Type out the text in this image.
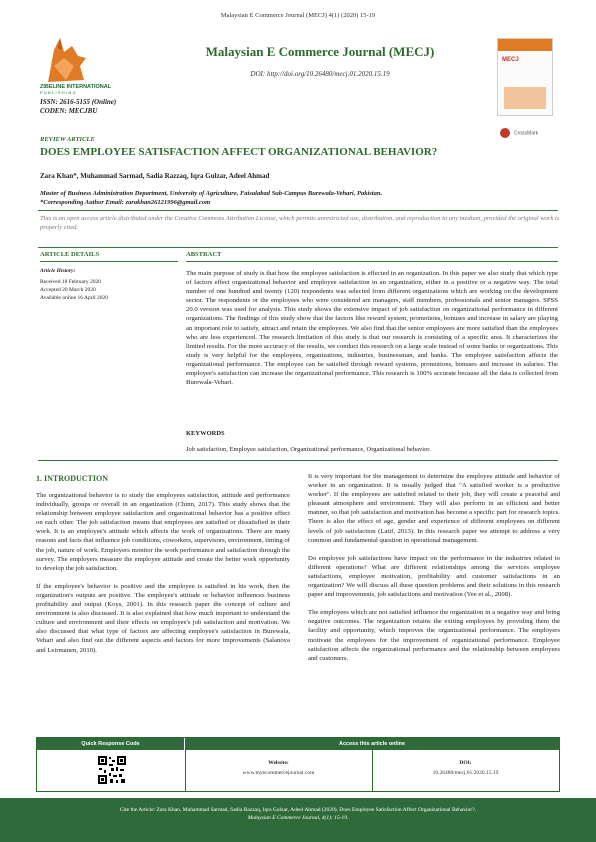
Malaysian E Commerce Journal (MECJ) 4(1) (2020) 15-19
ZIBELINE INTERNATIONAL
PUBLISHING
ISSN: 2616-5155 (Online)
CODEN: MECJBU
Malaysian E Commerce Journal (MECJ)
DOI: http://doi.org/10.26480/mecj.01.2020.15.19
MECJ
CrossMark
REVIEW ARTICLE
DOES EMPLOYEE SATISFACTION AFFECT ORGANIZATIONAL BEHAVIOR?
Zara Khan*, Muhammad Sarmad, Sadia Razzaq, Iqra Gulzar, Adeel Ahmad
Master of Business Administration Department, University of Agriculture, Faisalabad Sub-Campus Burewala-Vehari, Pakistan.
*Corresponding Author Email: zarakhan26121996@gmail.com
This is an open access article distributed under the Creative Commons Attribution License, which permits unrestricted use, distribution, and reproduction in any medium, provided the original work is properly cited.
ARTICLE DETAILS	ABSTRACT
Article History:
Received 18 February 2020
Accepted 20 March 2020
Available online 16 April 2020
The main purpose of study is that how the employee satisfaction is effected in an organization. In this paper we also study that which type of factors effect organizational behavior and employee satisfaction in an organization, either in a positive or a negative way. The total number of one hundred and twenty (120) respondents was selected from different organizations which are working on the development sector. The respondents or the employees who were considered are managers, staff members, professionals and senior managers. SPSS 20.0 version was used for analysis. This study shows the extensive impact of job satisfaction on organizational performance in different organizations. The findings of this study show that the factors like reward system, promotions, bonuses and increase in salary are playing an important role to satisfy, attract and retain the employees. We also find that the senior employees are more satisfied than the employees who are less experienced. The research limitation of this study is that our research is consisting of a specific area. It characterizes the limited results. For the more accuracy of the results, we conduct this research on a large scale instead of some banks or organizations. This study is very helpful for the employees, organizations, industries, businessman, and banks. The employee satisfaction affects the organizational performance. The employee can be satisfied through reward systems, promotions, bonuses and increase in salaries. The employee's satisfaction can increase the organizational performance. This research is 100% accurate because all the data is collected from Burewala-Vehari.
KEYWORDS
Job satisfaction, Employee satisfaction, Organizational performance, Organizational behavior.
1. INTRODUCTION

The organizational behavior is to study the employees satisfaction, attitude and performance individually, groups or overall in an organization (Chinn, 2017). This study shows that the relationship between employee satisfaction and organizational behavior has a positive effect on each other. The job satisfaction means that employees are satisfied or dissatisfied in their work. It is an employee's attitude which affects the work of organizations. There are many reasons and facts that influence job conditions, coworkers, supervisors, environment, timing of the job, nature of work. Employers monitor the work performance and satisfaction through the survey. The employers measure the employee attitude and create the better work opportunity to develop the job satisfaction.

If the employee's behavior is positive and the employee is satisfied in his work, then the organization's outputs are positive. The employee's attitude or behavior influences business profitability and output (Koys, 2001). In this research paper the concept of culture and environment is also discussed. It is also explained that how much important to understand the culture and environment and their effects on employee's job satisfaction and motivation. We also discussed that what type of factors are affecting employee's satisfaction in Burewala, Vehari and also find out the different aspects and factors for more improvements (Salanova and Leirmanen, 2010).

It is very important for the management to determine the employee attitude and behavior of worker in an organization. It is usually judged that "A satisfied worker is a productive worker". If the employees are satisfied related to their job, they will create a peaceful and pleasant atmosphere and environment. They will also perform in an efficient and better manner, so that job satisfaction and motivation has become a specific part for research topics. There is also the effect of age, gender and experience of different employees on different levels of job satisfaction (Latif, 2013). In this research paper we attempt to address a very common and fundamental question in operational management.

Do employee job satisfactions have impact on the performance in the industries related to different operations? What are different relationships among the services employee satisfactions, employee motivation, profitability and customer satisfactions in an organization? We will discuss all these question problems and their solutions in this research paper and improvements, job satisfactions and motivation (Yee et al., 2008).

The employees which are not satisfied influence the organization in a negative way and bring negative outcomes. The organization retains the exiting employees by providing them the facility and opportunity, which improves the organizational performance. The employers motivate the employees for the improvement of organizational performance. Employee satisfaction affects the organizational performance and the relationship between employees and customers.

Quick Response Code	Access this article online
Website:
www.myecommercejournal.com
DOI:
10.26480/mecj.01.2020.15.19
Cite the Article: Zara Khan, Muhammad Sarmad, Sadia Razzaq, Iqra Gulzar, Adeel Ahmad (2020). Does Employee Satisfaction Affect Organizational Behavior?.
Malaysian E Commerce Journal, 4(1): 15-19.
